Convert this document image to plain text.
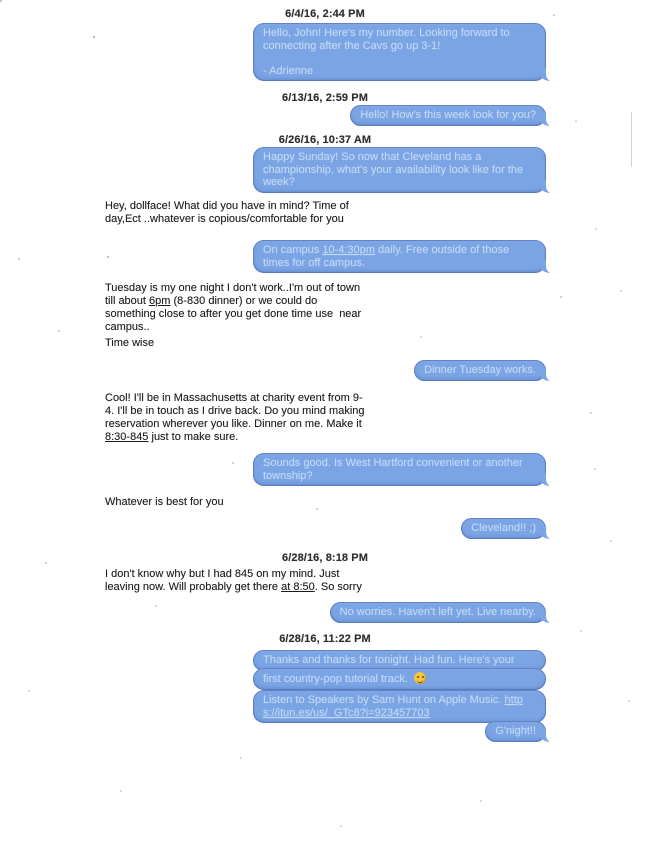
6/4/16, 2:44 PM
Hello, John! Here's my number. Looking forward to
connecting after the Cavs go up 3-1!

- Adrienne
6/13/16, 2:59 PM
Hello! How's this week look for you?
6/26/16, 10:37 AM
Happy Sunday! So now that Cleveland has a
championship, what's your availability look like for the
week?
Hey, dollface! What did you have in mind? Time of
day,Ect ..whatever is copious/comfortable for you
On campus 10-4:30pm daily. Free outside of those
times for off campus.
Tuesday is my one night I don't work..I'm out of town
till about 6pm (8-830 dinner) or we could do
something close to after you get done time use  near
campus..
Time wise
Dinner Tuesday works.
Cool! I'll be in Massachusetts at charity event from 9-
4. I'll be in touch as I drive back. Do you mind making
reservation wherever you like. Dinner on me. Make it
8:30-845 just to make sure.
Sounds good. Is West Hartford convenient or another
township?
Whatever is best for you
Cleveland!! ;)
6/28/16, 8:18 PM
I don't know why but I had 845 on my mind. Just
leaving now. Will probably get there at 8:50. So sorry
No worries. Haven't left yet. Live nearby.
6/28/16, 11:22 PM
Thanks and thanks for tonight. Had fun. Here's your
first country-pop tutorial track.
Listen to Speakers by Sam Hunt on Apple Music. http
s://itun.es/us/_GTc8?i=923457703
G'night!!
